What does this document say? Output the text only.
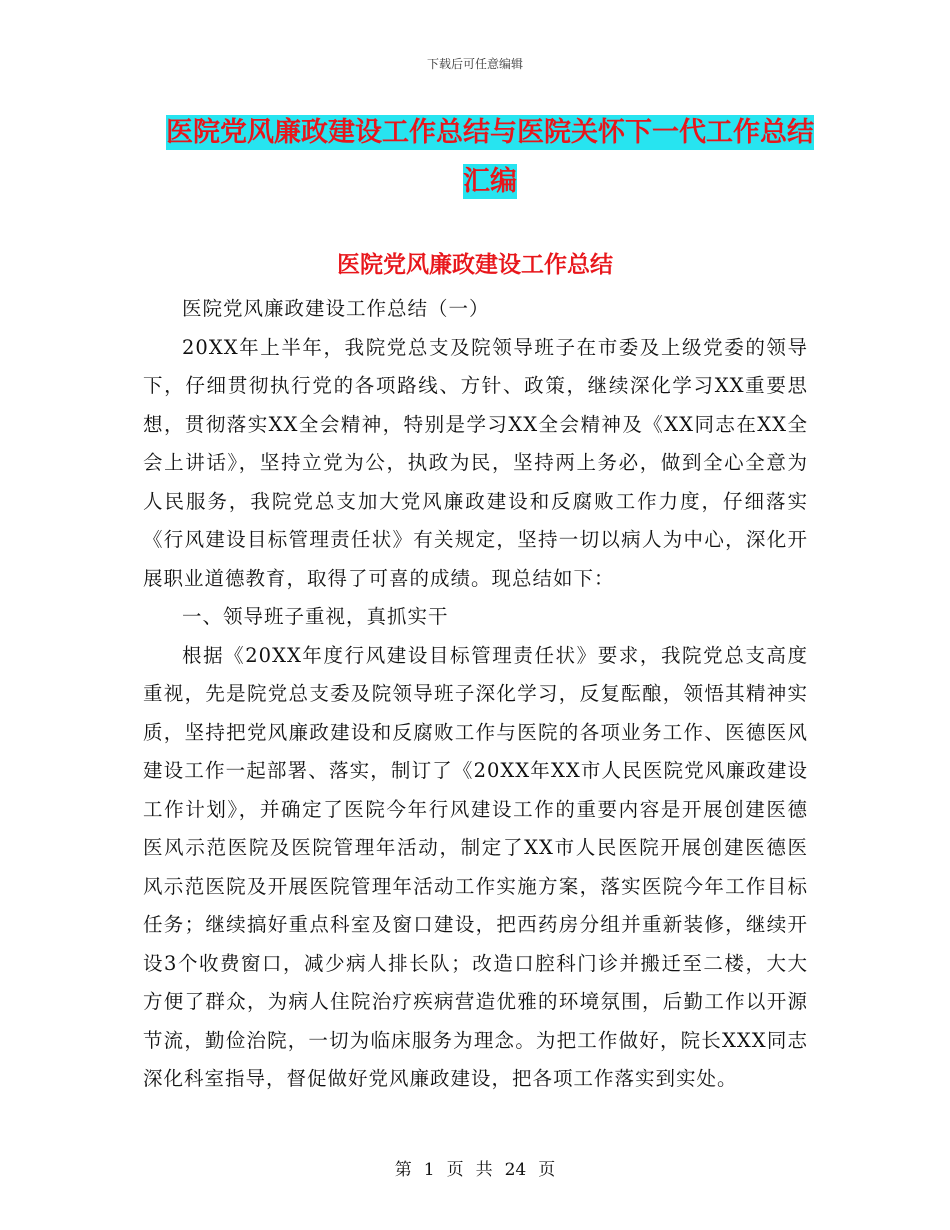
下载后可任意编辑
医院党风廉政建设工作总结与医院关怀下一代工作总结汇编
医院党风廉政建设工作总结

医院党风廉政建设工作总结（一）

20XX年上半年，我院党总支及院领导班子在市委及上级党委的领导下，仔细贯彻执行党的各项路线、方针、政策，继续深化学习XX重要思想，贯彻落实XX全会精神，特别是学习XX全会精神及《XX同志在XX全会上讲话》，坚持立党为公，执政为民，坚持两上务必，做到全心全意为人民服务，我院党总支加大党风廉政建设和反腐败工作力度，仔细落实《行风建设目标管理责任状》有关规定，坚持一切以病人为中心，深化开展职业道德教育，取得了可喜的成绩。现总结如下：

一、领导班子重视，真抓实干

根据《20XX年度行风建设目标管理责任状》要求，我院党总支高度重视，先是院党总支委及院领导班子深化学习，反复酝酿，领悟其精神实质，坚持把党风廉政建设和反腐败工作与医院的各项业务工作、医德医风建设工作一起部署、落实，制订了《20XX年XX市人民医院党风廉政建设工作计划》，并确定了医院今年行风建设工作的重要内容是开展创建医德医风示范医院及医院管理年活动，制定了XX市人民医院开展创建医德医风示范医院及开展医院管理年活动工作实施方案，落实医院今年工作目标任务；继续搞好重点科室及窗口建设，把西药房分组并重新装修，继续开设3个收费窗口，减少病人排长队；改造口腔科门诊并搬迁至二楼，大大方便了群众，为病人住院治疗疾病营造优雅的环境氛围，后勤工作以开源节流，勤俭治院，一切为临床服务为理念。为把工作做好，院长XXX同志深化科室指导，督促做好党风廉政建设，把各项工作落实到实处。

第 1 页 共 24 页
